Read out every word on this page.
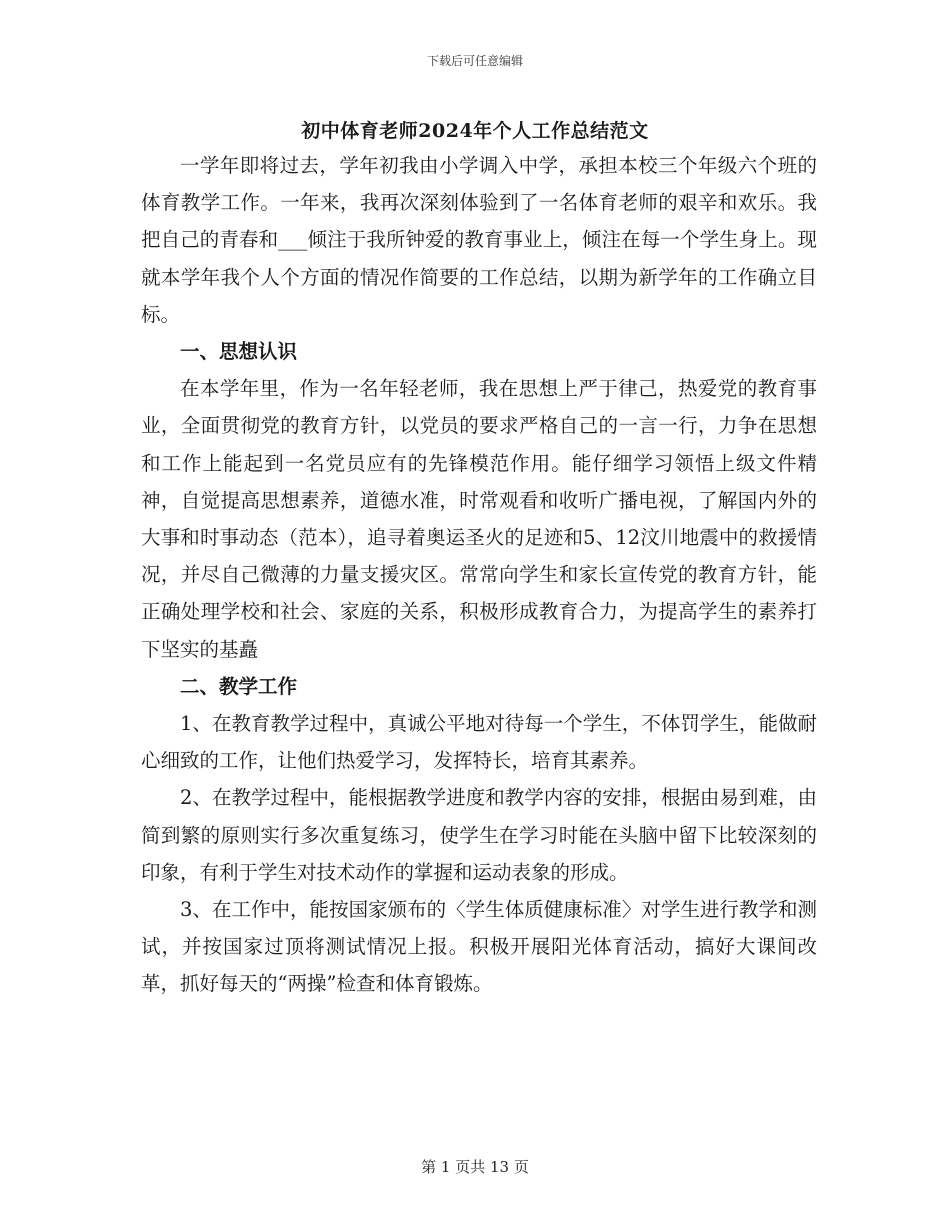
下载后可任意编辑
初中体育老师2024年个人工作总结范文

一学年即将过去，学年初我由小学调入中学，承担本校三个年级六个班的体育教学工作。一年来，我再次深刻体验到了一名体育老师的艰辛和欢乐。我把自己的青春和___倾注于我所钟爱的教育事业上，倾注在每一个学生身上。现就本学年我个人个方面的情况作简要的工作总结，以期为新学年的工作确立目标。

一、思想认识

在本学年里，作为一名年轻老师，我在思想上严于律己，热爱党的教育事业，全面贯彻党的教育方针，以党员的要求严格自己的一言一行，力争在思想和工作上能起到一名党员应有的先锋模范作用。能仔细学习领悟上级文件精神，自觉提高思想素养，道德水准，时常观看和收听广播电视，了解国内外的大事和时事动态（范本），追寻着奥运圣火的足迹和5、12汶川地震中的救援情况，并尽自己微薄的力量支援灾区。常常向学生和家长宣传党的教育方针，能正确处理学校和社会、家庭的关系，积极形成教育合力，为提高学生的素养打下坚实的基矗

二、教学工作

1、在教育教学过程中，真诚公平地对待每一个学生，不体罚学生，能做耐心细致的工作，让他们热爱学习，发挥特长，培育其素养。

2、在教学过程中，能根据教学进度和教学内容的安排，根据由易到难，由简到繁的原则实行多次重复练习，使学生在学习时能在头脑中留下比较深刻的印象，有利于学生对技术动作的掌握和运动表象的形成。

3、在工作中，能按国家颁布的〈学生体质健康标准〉对学生进行教学和测试，并按国家过顶将测试情况上报。积极开展阳光体育活动，搞好大课间改革，抓好每天的“两操”检查和体育锻炼。

第 1 页共 13 页
